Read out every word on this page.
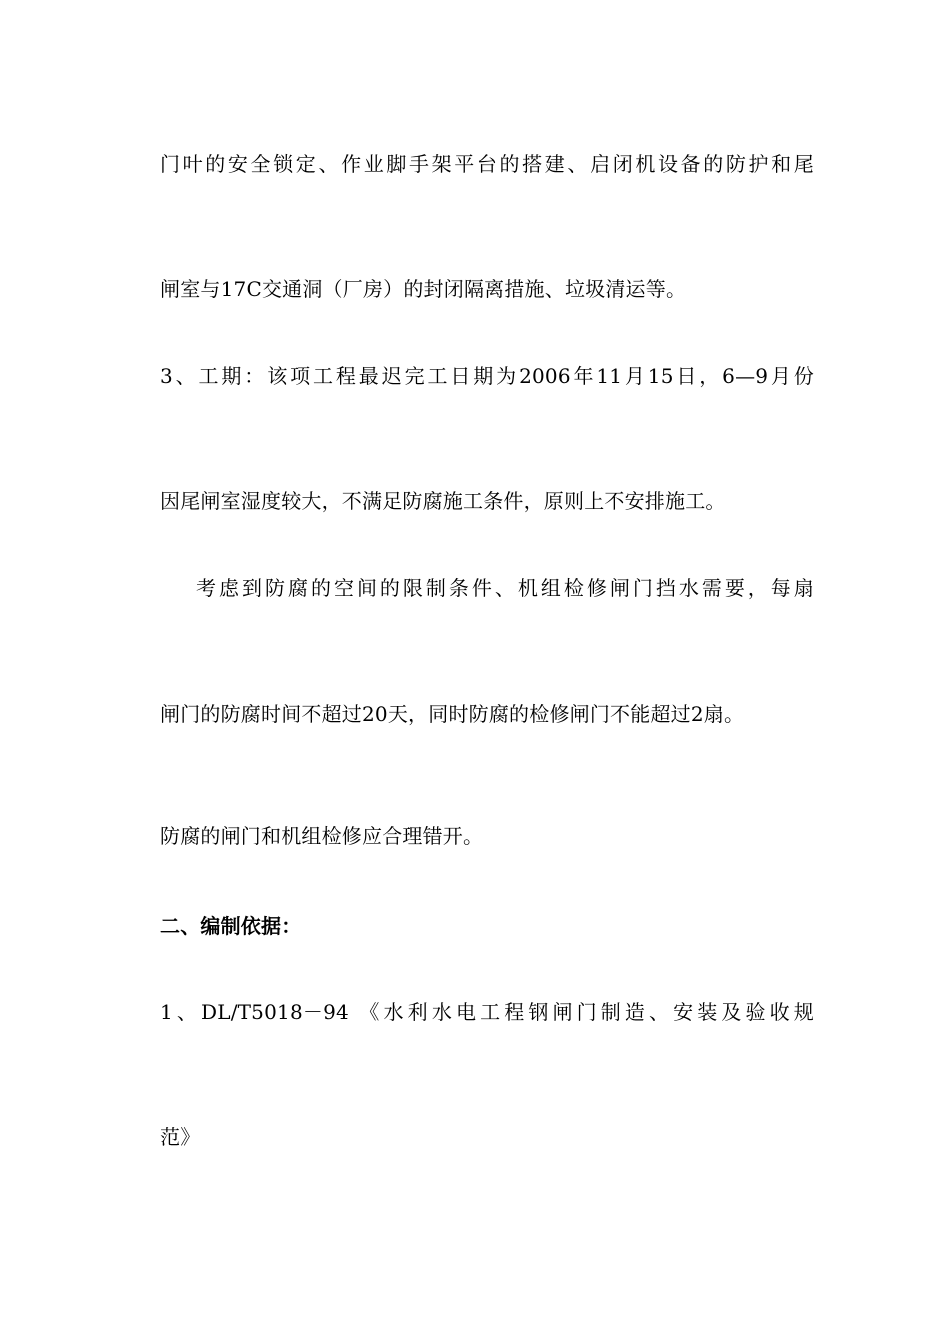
门叶的安全锁定、作业脚手架平台的搭建、启闭机设备的防护和尾
闸室与17C交通洞（厂房）的封闭隔离措施、垃圾清运等。
3、工期：该项工程最迟完工日期为2006年11月15日，6—9月份
因尾闸室湿度较大，不满足防腐施工条件，原则上不安排施工。
考虑到防腐的空间的限制条件、机组检修闸门挡水需要，每扇
闸门的防腐时间不超过20天，同时防腐的检修闸门不能超过2扇。
防腐的闸门和机组检修应合理错开。
二、编制依据：
1、DL/T5018－94 《水利水电工程钢闸门制造、安装及验收规
范》
